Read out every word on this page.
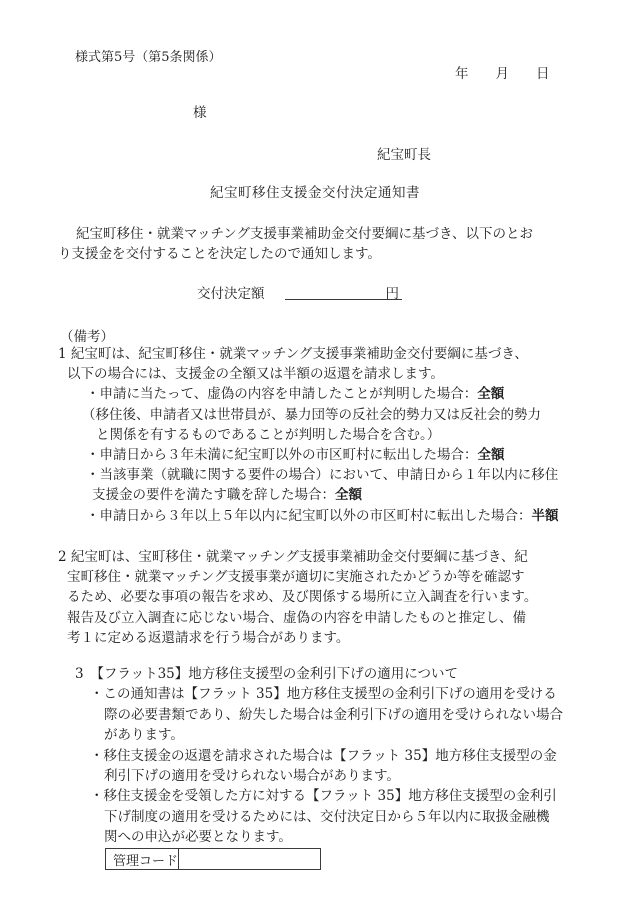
様式第5号（第5条関係）
年　　月　　日
様
紀宝町長
紀宝町移住支援金交付決定通知書
紀宝町移住・就業マッチング支援事業補助金交付要綱に基づき、以下のとお
り支援金を交付することを決定したので通知します。
交付決定額	円
（備考）
1 紀宝町は、紀宝町移住・就業マッチング支援事業補助金交付要綱に基づき、
以下の場合には、支援金の全額又は半額の返還を請求します。
・申請に当たって、虚偽の内容を申請したことが判明した場合：全額
（移住後、申請者又は世帯員が、暴力団等の反社会的勢力又は反社会的勢力
と関係を有するものであることが判明した場合を含む。）
・申請日から３年未満に紀宝町以外の市区町村に転出した場合：全額
・当該事業（就職に関する要件の場合）において、申請日から１年以内に移住
支援金の要件を満たす職を辞した場合：全額
・申請日から３年以上５年以内に紀宝町以外の市区町村に転出した場合：半額
2 紀宝町は、宝町移住・就業マッチング支援事業補助金交付要綱に基づき、紀
宝町移住・就業マッチング支援事業が適切に実施されたかどうか等を確認す
るため、必要な事項の報告を求め、及び関係する場所に立入調査を行います。
報告及び立入調査に応じない場合、虚偽の内容を申請したものと推定し、備
考１に定める返還請求を行う場合があります。
3　【フラット35】地方移住支援型の金利引下げの適用について
・この通知書は【フラット 35】地方移住支援型の金利引下げの適用を受ける
際の必要書類であり、紛失した場合は金利引下げの適用を受けられない場合
があります。
・移住支援金の返還を請求された場合は【フラット 35】地方移住支援型の金
利引下げの適用を受けられない場合があります。
・移住支援金を受領した方に対する【フラット 35】地方移住支援型の金利引
下げ制度の適用を受けるためには、交付決定日から５年以内に取扱金融機
関への申込が必要となります。
管理コード	
